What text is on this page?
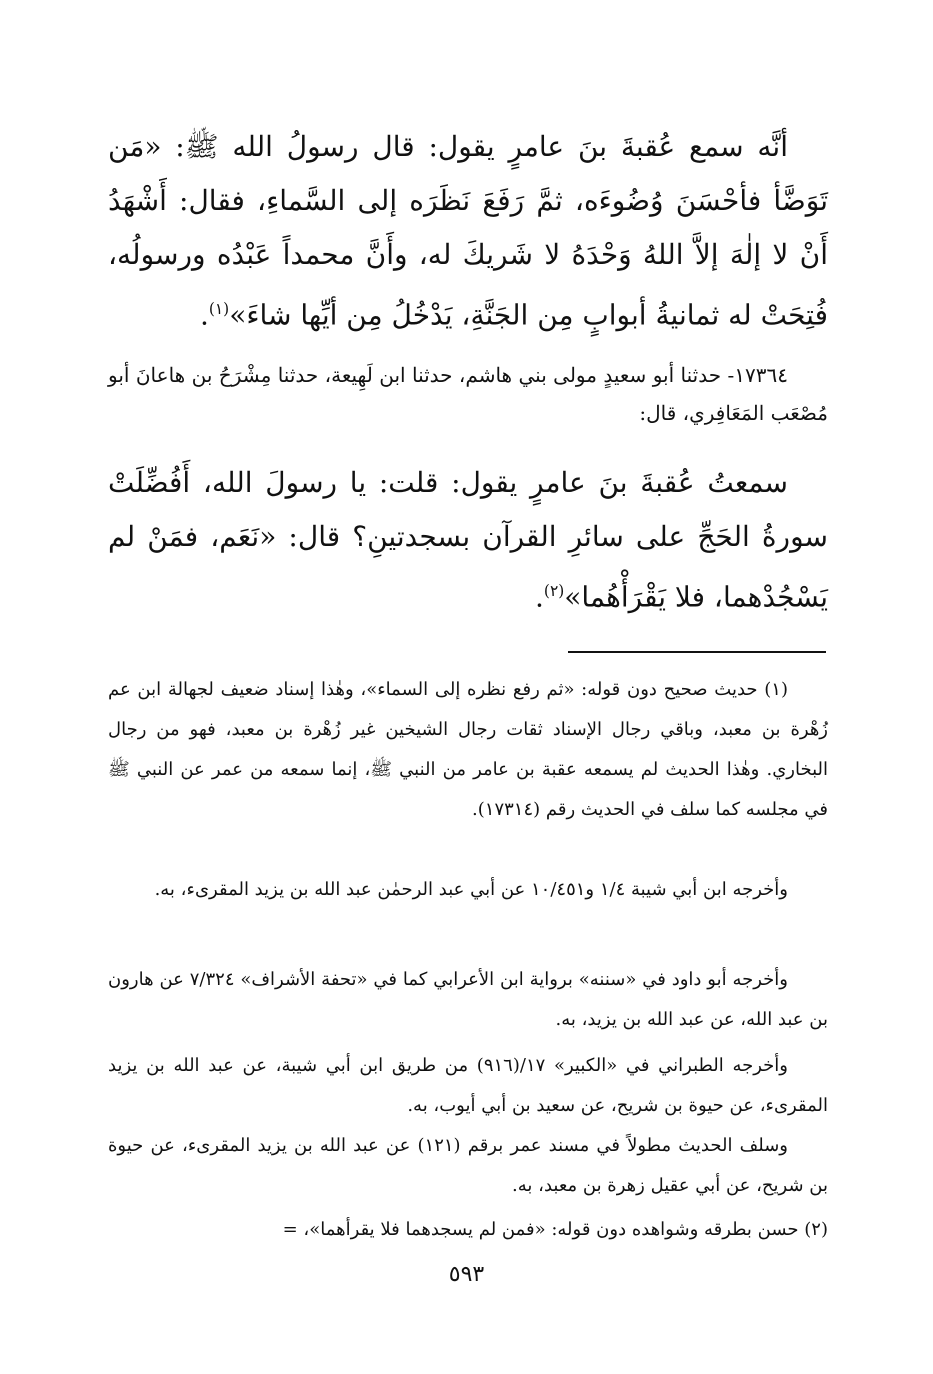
أنَّه سمع عُقبةَ بنَ عامرٍ يقول: قال رسولُ الله ﷺ: «مَن تَوَضَّأ فأحْسَنَ وُضُوءَه، ثمَّ رَفَعَ نَظَرَه إلى السَّماءِ، فقال: أَشْهَدُ أَنْ لا إلٰهَ إلاَّ اللهُ وَحْدَهُ لا شَريكَ له، وأَنَّ محمداً عَبْدُه ورسولُه، فُتِحَتْ له ثمانيةُ أبوابٍ مِن الجَنَّةِ، يَدْخُلُ مِن أيِّها شاءَ»$^{(١)}$.

١٧٣٦٤- حدثنا أبو سعيدٍ مولى بني هاشم، حدثنا ابن لَهِيعة، حدثنا مِشْرَحُ بن هاعانَ أبو مُصْعَب المَعَافِري، قال:

سمعتُ عُقبةَ بنَ عامرٍ يقول: قلت: يا رسولَ الله، أَفُضِّلَتْ سورةُ الحَجِّ على سائرِ القرآن بسجدتينِ؟ قال: «نَعَم، فمَنْ لم يَسْجُدْهما، فلا يَقْرَأْهُما»$^{(٢)}$.

(١) حديث صحيح دون قوله: «ثم رفع نظره إلى السماء»، وهٰذا إسناد ضعيف لجهالة ابن عم زُهْرة بن معبد، وباقي رجال الإسناد ثقات رجال الشيخين غير زُهْرة بن معبد، فهو من رجال البخاري. وهٰذا الحديث لم يسمعه عقبة بن عامر من النبي ﷺ، إنما سمعه من عمر عن النبي ﷺ في مجلسه كما سلف في الحديث رقم (١٧٣١٤).

وأخرجه ابن أبي شيبة ١/٤ و١٠/٤٥١ عن أبي عبد الرحمٰن عبد الله بن يزيد المقرىء، به.

وأخرجه أبو داود في «سننه» برواية ابن الأعرابي كما في «تحفة الأشراف» ٧/٣٢٤ عن هارون بن عبد الله، عن عبد الله بن يزيد، به.

وأخرجه الطبراني في «الكبير» ١٧/(٩١٦) من طريق ابن أبي شيبة، عن عبد الله بن يزيد المقرىء، عن حيوة بن شريح، عن سعيد بن أبي أيوب، به.

وسلف الحديث مطولاً في مسند عمر برقم (١٢١) عن عبد الله بن يزيد المقرىء، عن حيوة بن شريح، عن أبي عقيل زهرة بن معبد، به.

(٢) حسن بطرقه وشواهده دون قوله: «فمن لم يسجدهما فلا يقرأهما»، =

٥٩٣
